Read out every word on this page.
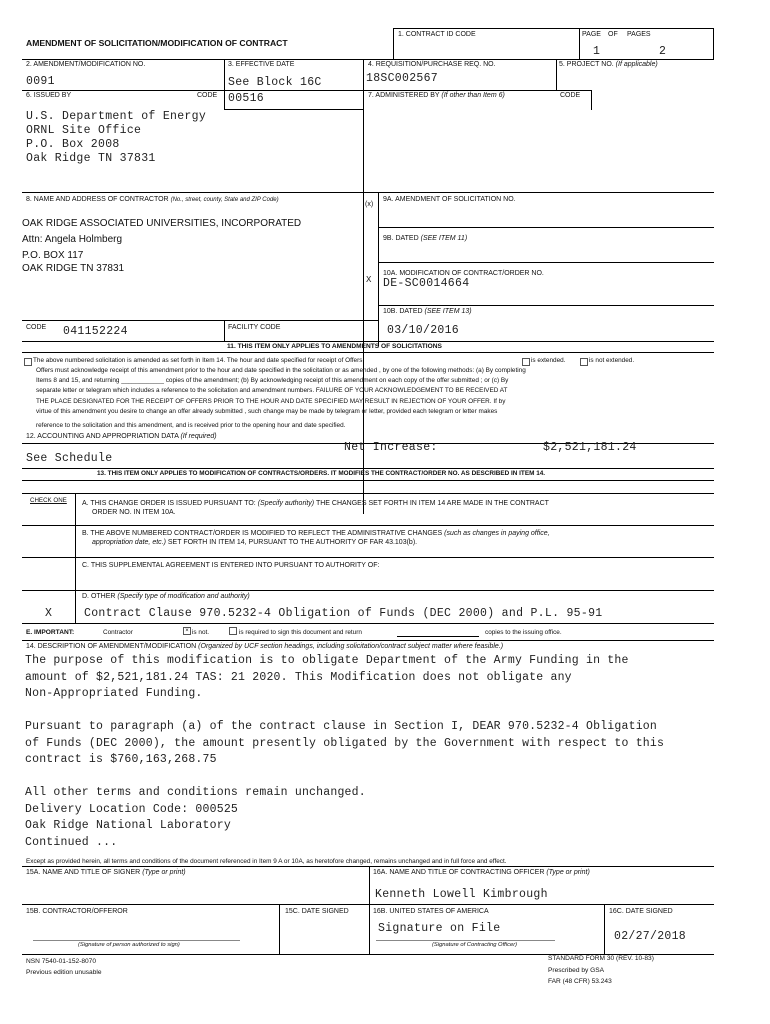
AMENDMENT OF SOLICITATION/MODIFICATION OF CONTRACT
1. CONTRACT ID CODE	PAGE OF PAGES
1	2
2. AMENDMENT/MODIFICATION NO.
0091
3. EFFECTIVE DATE
See Block 16C
4. REQUISITION/PURCHASE REQ. NO.
18SC002567
5. PROJECT NO. (If applicable)
6. ISSUED BY	CODE 00516	7. ADMINISTERED BY (If other than Item 6)	CODE
U.S. Department of Energy
ORNL Site Office
P.O. Box 2008
Oak Ridge TN 37831
8. NAME AND ADDRESS OF CONTRACTOR (No., street, county, State and ZIP Code)
OAK RIDGE ASSOCIATED UNIVERSITIES, INCORPORATED
Attn: Angela Holmberg
P.O. BOX 117
OAK RIDGE TN 37831
CODE 041152224	FACILITY CODE
(x)
9A. AMENDMENT OF SOLICITATION NO.
9B. DATED (SEE ITEM 11)
10A. MODIFICATION OF CONTRACT/ORDER NO.
X DE-SC0014664
10B. DATED (SEE ITEM 13)
03/10/2016
11. THIS ITEM ONLY APPLIES TO AMENDMENTS OF SOLICITATIONS
The above numbered solicitation is amended as set forth in Item 14. The hour and date specified for receipt of Offers	is extended.	is not extended.
Offers must acknowledge receipt of this amendment prior to the hour and date specified in the solicitation or as amended , by one of the following methods: (a) By completing
Items 8 and 15, and returning ____________ copies of the amendment; (b) By acknowledging receipt of this amendment on each copy of the offer submitted ; or (c) By
separate letter or telegram which includes a reference to the solicitation and amendment numbers. FAILURE OF YOUR ACKNOWLEDGEMENT TO BE RECEIVED AT
THE PLACE DESIGNATED FOR THE RECEIPT OF OFFERS PRIOR TO THE HOUR AND DATE SPECIFIED MAY RESULT IN REJECTION OF YOUR OFFER. If by
virtue of this amendment you desire to change an offer already submitted , such change may be made by telegram or letter, provided each telegram or letter makes
reference to the solicitation and this amendment, and is received prior to the opening hour and date specified.
12. ACCOUNTING AND APPROPRIATION DATA (If required)
Net Increase:	$2,521,181.24
See Schedule
13. THIS ITEM ONLY APPLIES TO MODIFICATION OF CONTRACTS/ORDERS. IT MODIFIES THE CONTRACT/ORDER NO. AS DESCRIBED IN ITEM 14.
CHECK ONE A. THIS CHANGE ORDER IS ISSUED PURSUANT TO: (Specify authority) THE CHANGES SET FORTH IN ITEM 14 ARE MADE IN THE CONTRACT
ORDER NO. IN ITEM 10A.
B. THE ABOVE NUMBERED CONTRACT/ORDER IS MODIFIED TO REFLECT THE ADMINISTRATIVE CHANGES (such as changes in paying office,
appropriation date, etc.) SET FORTH IN ITEM 14, PURSUANT TO THE AUTHORITY OF FAR 43.103(b).
C. THIS SUPPLEMENTAL AGREEMENT IS ENTERED INTO PURSUANT TO AUTHORITY OF:
D. OTHER (Specify type of modification and authority)
X	Contract Clause 970.5232-4 Obligation of Funds (DEC 2000) and P.L. 95-91
E. IMPORTANT:	Contractor	× is not.	is required to sign this document and return	copies to the issuing office.
14. DESCRIPTION OF AMENDMENT/MODIFICATION (Organized by UCF section headings, including solicitation/contract subject matter where feasible.)
The purpose of this modification is to obligate Department of the Army Funding in the
amount of $2,521,181.24 TAS: 21 2020. This Modification does not obligate any
Non-Appropriated Funding.
Pursuant to paragraph (a) of the contract clause in Section I, DEAR 970.5232-4 Obligation
of Funds (DEC 2000), the amount presently obligated by the Government with respect to this
contract is $760,163,268.75
All other terms and conditions remain unchanged.
Delivery Location Code: 000525
Oak Ridge National Laboratory
Continued ...
Except as provided herein, all terms and conditions of the document referenced in Item 9 A or 10A, as heretofore changed, remains unchanged and in full force and effect.
15A. NAME AND TITLE OF SIGNER (Type or print)	16A. NAME AND TITLE OF CONTRACTING OFFICER (Type or print)
Kenneth Lowell Kimbrough
15B. CONTRACTOR/OFFEROR	15C. DATE SIGNED	16B. UNITED STATES OF AMERICA
Signature on File
16C. DATE SIGNED
02/27/2018
(Signature of person authorized to sign)	(Signature of Contracting Officer)
NSN 7540-01-152-8070
Previous edition unusable
STANDARD FORM 30 (REV. 10-83)
Prescribed by GSA
FAR (48 CFR) 53.243
